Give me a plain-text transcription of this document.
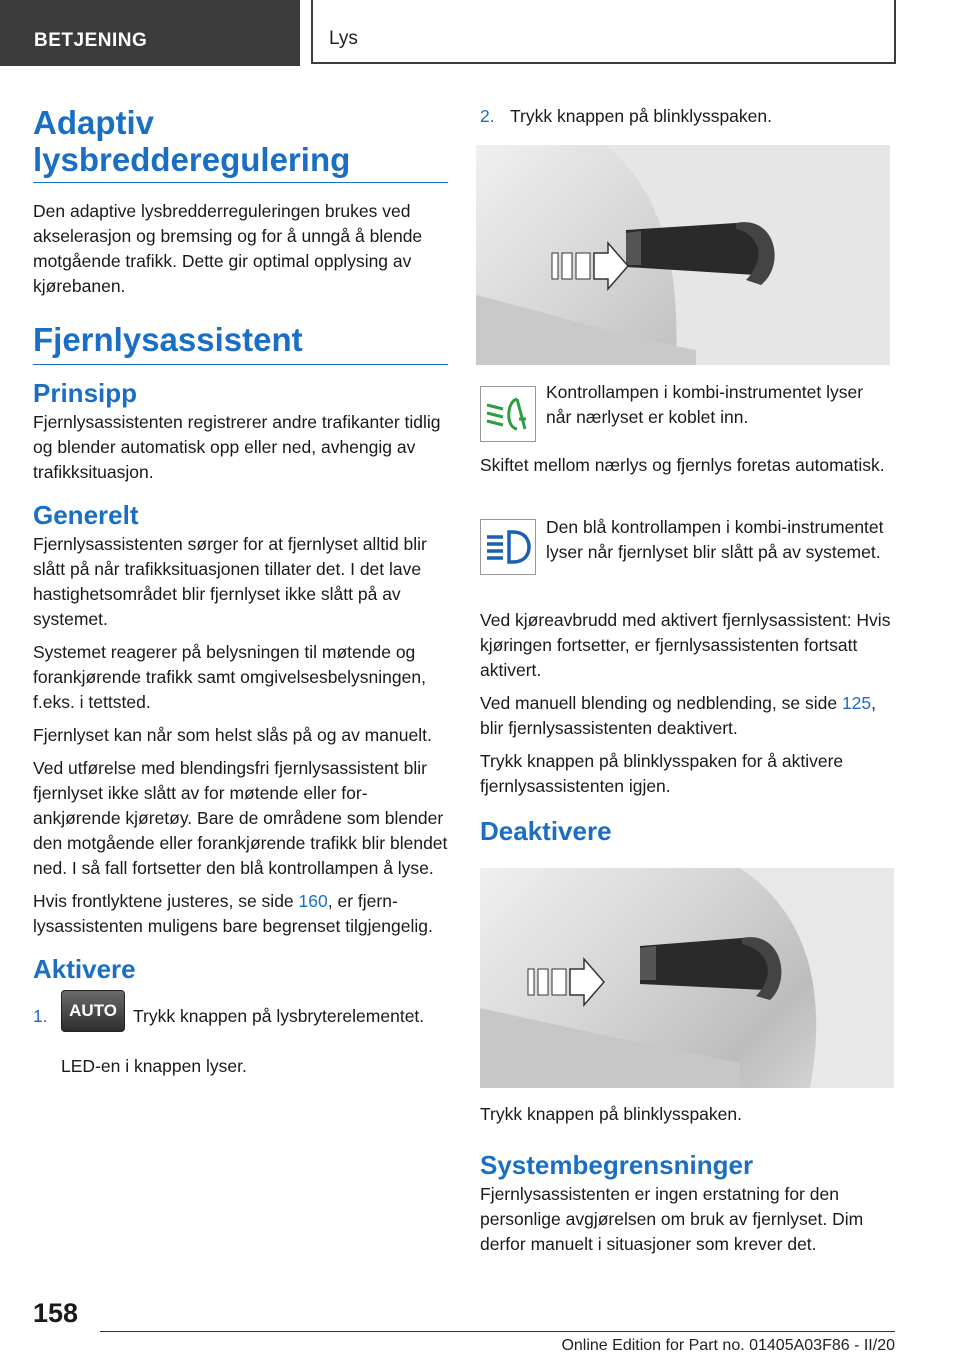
BETJENING	Lys
Adaptiv lysbredderegulering

Den adaptive lysbredderreguleringen brukes ved akselerasjon og bremsing og for å unngå å blende motgående trafikk. Dette gir optimal opplysing av kjørebanen.

Fjernlysassistent
Prinsipp

Fjernlysassistenten registrerer andre trafikanter tidlig og blender automatisk opp eller ned, avhengig av trafikksituasjon.

Generelt

Fjernlysassistenten sørger for at fjernlyset alltid blir slått på når trafikksituasjonen tillater det. I det lave hastighetsområdet blir fjernlyset ikke slått på av systemet.

Systemet reagerer på belysningen til møtende og forankjørende trafikk samt omgivelsesbelysningen, f.eks. i tettsted.

Fjernlyset kan når som helst slås på og av manuelt.

Ved utførelse med blendingsfri fjernlysassistent blir fjernlyset ikke slått av for møtende eller forankjørende kjøretøy. Bare de områdene som blender den motgående eller forankjørende trafikk blir blendet ned. I så fall fortsetter den blå kontrollampen å lyse.

Hvis frontlyktene justeres, se side 160, er fjernlysassistenten muligens bare begrenset tilgjengelig.

Aktivere
1. AUTO Trykk knappen på lysbryterelementet.

LED-en i knappen lyser.

2. Trykk knappen på blinklysspaken.
Kontrollampen i kombi-instrumentet lyser når nærlyset er koblet inn.
Skiftet mellom nærlys og fjernlys foretas automatisk.
Den blå kontrollampen i kombi-instrumentet lyser når fjernlyset blir slått på av systemet.

Ved kjøreavbrudd med aktivert fjernlysassistent: Hvis kjøringen fortsetter, er fjernlysassistenten fortsatt aktivert.

Ved manuell blending og nedblending, se side 125, blir fjernlysassistenten deaktivert.

Trykk knappen på blinklysspaken for å aktivere fjernlysassistenten igjen.

Deaktivere

Trykk knappen på blinklysspaken.

Systembegrensninger

Fjernlysassistenten er ingen erstatning for den personlige avgjørelsen om bruk av fjernlyset. Dim derfor manuelt i situasjoner som krever det.

158
Online Edition for Part no. 01405A03F86 - II/20
